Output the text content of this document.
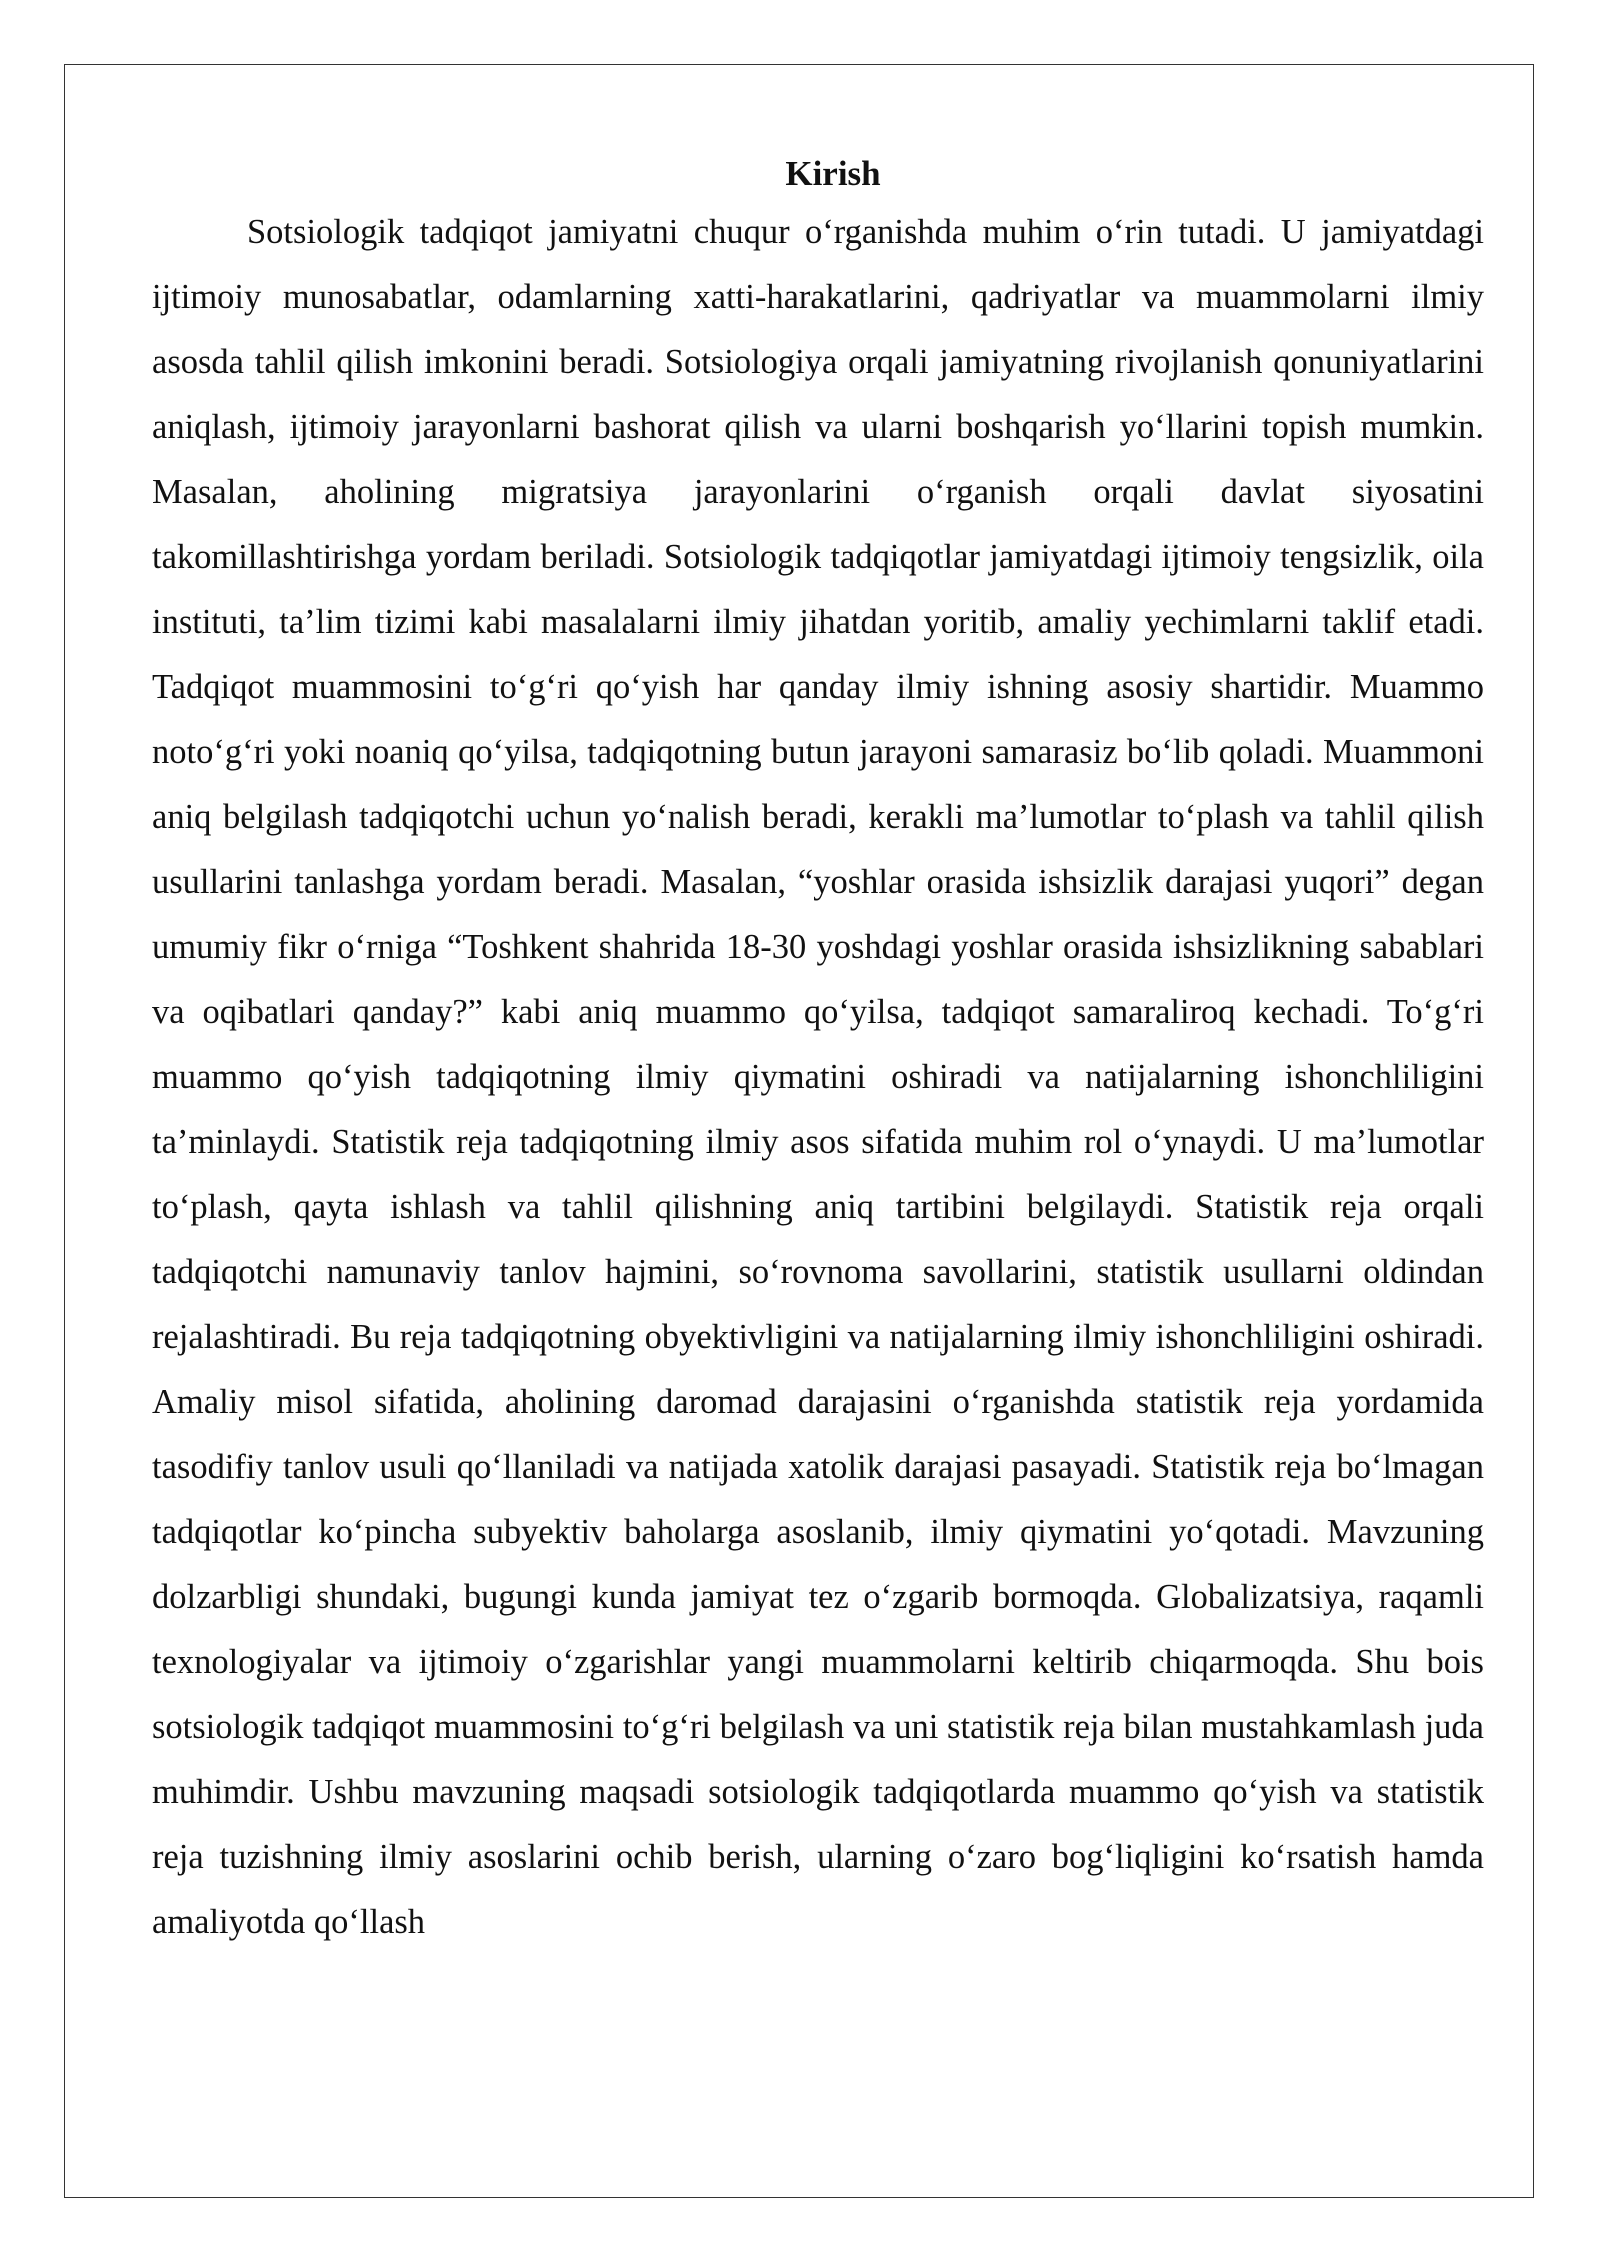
Kirish

Sotsiologik tadqiqot jamiyatni chuqur o‘rganishda muhim o‘rin tutadi. U jamiyatdagi ijtimoiy munosabatlar, odamlarning xatti-harakatlarini, qadriyatlar va muammolarni ilmiy asosda tahlil qilish imkonini beradi. Sotsiologiya orqali jamiyatning rivojlanish qonuniyatlarini aniqlash, ijtimoiy jarayonlarni bashorat qilish va ularni boshqarish yo‘llarini topish mumkin. Masalan, aholining migratsiya jarayonlarini o‘rganish orqali davlat siyosatini takomillashtirishga yordam beriladi. Sotsiologik tadqiqotlar jamiyatdagi ijtimoiy tengsizlik, oila instituti, ta’lim tizimi kabi masalalarni ilmiy jihatdan yoritib, amaliy yechimlarni taklif etadi. Tadqiqot muammosini to‘g‘ri qo‘yish har qanday ilmiy ishning asosiy shartidir. Muammo noto‘g‘ri yoki noaniq qo‘yilsa, tadqiqotning butun jarayoni samarasiz bo‘lib qoladi. Muammoni aniq belgilash tadqiqotchi uchun yo‘nalish beradi, kerakli ma’lumotlar to‘plash va tahlil qilish usullarini tanlashga yordam beradi. Masalan, “yoshlar orasida ishsizlik darajasi yuqori” degan umumiy fikr o‘rniga “Toshkent shahrida 18-30 yoshdagi yoshlar orasida ishsizlikning sabablari va oqibatlari qanday?” kabi aniq muammo qo‘yilsa, tadqiqot samaraliroq kechadi. To‘g‘ri muammo qo‘yish tadqiqotning ilmiy qiymatini oshiradi va natijalarning ishonchliligini ta’minlaydi. Statistik reja tadqiqotning ilmiy asos sifatida muhim rol o‘ynaydi. U ma’lumotlar to‘plash, qayta ishlash va tahlil qilishning aniq tartibini belgilaydi. Statistik reja orqali tadqiqotchi namunaviy tanlov hajmini, so‘rovnoma savollarini, statistik usullarni oldindan rejalashtiradi. Bu reja tadqiqotning obyektivligini va natijalarning ilmiy ishonchliligini oshiradi. Amaliy misol sifatida, aholining daromad darajasini o‘rganishda statistik reja yordamida tasodifiy tanlov usuli qo‘llaniladi va natijada xatolik darajasi pasayadi. Statistik reja bo‘lmagan tadqiqotlar ko‘pincha subyektiv baholarga asoslanib, ilmiy qiymatini yo‘qotadi. Mavzuning dolzarbligi shundaki, bugungi kunda jamiyat tez o‘zgarib bormoqda. Globalizatsiya, raqamli texnologiyalar va ijtimoiy o‘zgarishlar yangi muammolarni keltirib chiqarmoqda. Shu bois sotsiologik tadqiqot muammosini to‘g‘ri belgilash va uni statistik reja bilan mustahkamlash juda muhimdir. Ushbu mavzuning maqsadi sotsiologik tadqiqotlarda muammo qo‘yish va statistik reja tuzishning ilmiy asoslarini ochib berish, ularning o‘zaro bog‘liqligini ko‘rsatish hamda amaliyotda qo‘llash
